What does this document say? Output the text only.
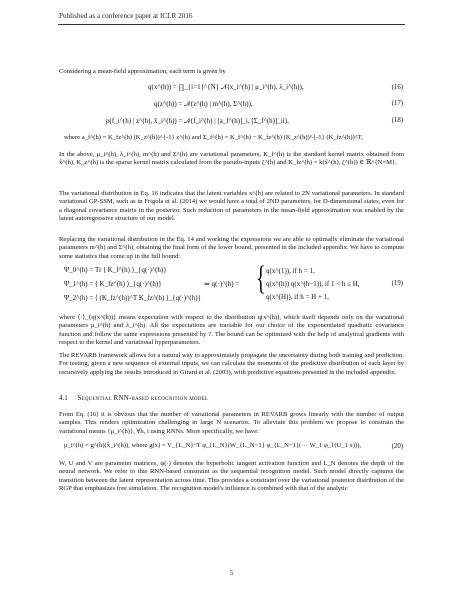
Published as a conference paper at ICLR 2016
Considering a mean-field approximation, each term is given by
q(x^(h)) = ∏_{i=1}^{N} 𝒩(x_i^(h) | μ_i^(h), λ_i^(h)),	(16)
q(z^(h)) = 𝒩(z^(h) | m^(h), Σ^(h)),	(17)
p(f_i^(h) | z^(h), x̂_i^(h)) = 𝒩(f_i^(h) | [a_f^(h)]_i, [Σ_f^(h)]_ii),	(18)
where a_f^(h) = K_fz^(h) (K_z^(h))^{-1} z^(h) and Σ_f^(h) = K_f^(h) − K_fz^(h) (K_z^(h))^{-1} (K_fz^(h))^T,
In the above, μ_i^(h), λ_i^(h), m^(h) and Σ^(h) are variational parameters, K_f^(h) is the standard kernel matrix obtained from x̂^(h), K_z^(h) is the sparse kernel matrix calculated from the pseudo-inputs ζ^(h) and K_fz^(h) = k(x̂^(h), ζ^(h)) ∈ ℝ^{N×M}.
The variational distribution in Eq. 16 indicates that the latent variables x^(h) are related to 2N variational parameters. In standard variational GP-SSM, such as in Frigola et al. (2014) we would have a total of 2ND parameters, for D-dimensional states, even for a diagonal covariance matrix in the posterior. Such reduction of parameters in the mean-field approximation was enabled by the latent autoregressive structure of our model.
Replacing the variational distribution in the Eq. 14 and working the expressions we are able to optimally eliminate the variational parameters m^(h) and Σ^(h), obtaining the final form of the lower bound, presented in the included appendix. We have to compute some statistics that come up in the full bound:
Ψ_0^(h) = Tr ⟨ K_f^(h) ⟩_{q(·)^(h)}
Ψ_1^(h) = ⟨ K_fz^(h) ⟩_{q(·)^(h)}
Ψ_2^(h) = ⟨ (K_fz^(h))^T K_fz^(h) ⟩_{q(·)^(h)}
⇒ q(·)^(h) = { q(x^(1)), if h = 1,
q(x^(h)) q(x^(h−1)), if 1 < h ≤ H,
q(x^(H)), if h = H + 1,
(19)
where ⟨·⟩_{q(x^(h))} means expectation with respect to the distribution q(x^(h)), which itself depends only on the variational parameters μ_i^(h) and λ_i^(h). All the expectations are tractable for our choice of the exponentiated quadratic covariance function and follow the same expressions presented by ?. The bound can be optimized with the help of analytical gradients with respect to the kernel and variational hyperparameters.
The REVARB framework allows for a natural way to approximately propagate the uncertainty during both training and prediction. For testing, given a new sequence of external inputs, we can calculate the moments of the predictive distribution of each layer by recursively applying the results introduced in Girard et al. (2003), with predictive equations presented in the included appendix.
4.1 Sequential RNN-based recognition model
From Eq. (16) it is obvious that the number of variational parameters in REVARB grows linearly with the number of output samples. This renders optimization challenging in large N scenarios. To alleviate this problem we propose to constrain the variational means {μ_i^(h)}, ∀h, i using RNNs. More specifically, we have:
μ_i^(h) = g^(h)(x̂_i^(h)), where g(x) = V_{L_N}^T φ_{L_N}(W_{L_N−1} φ_{L_N−1}(··· W_1 φ_1(U_1 x))),	(20)
W, U and V are parameter matrices, φ(·) denotes the hyperbolic tangent activation function and L_N denotes the depth of the neural network. We refer to this RNN-based constraint as the sequential recognition model. Such model directly captures the transition between the latent representation across time. This provides a constraint over the variational posterior distribution of the RGP that emphasizes free simulation. The recognition model's influence is combined with that of the analytic
5
